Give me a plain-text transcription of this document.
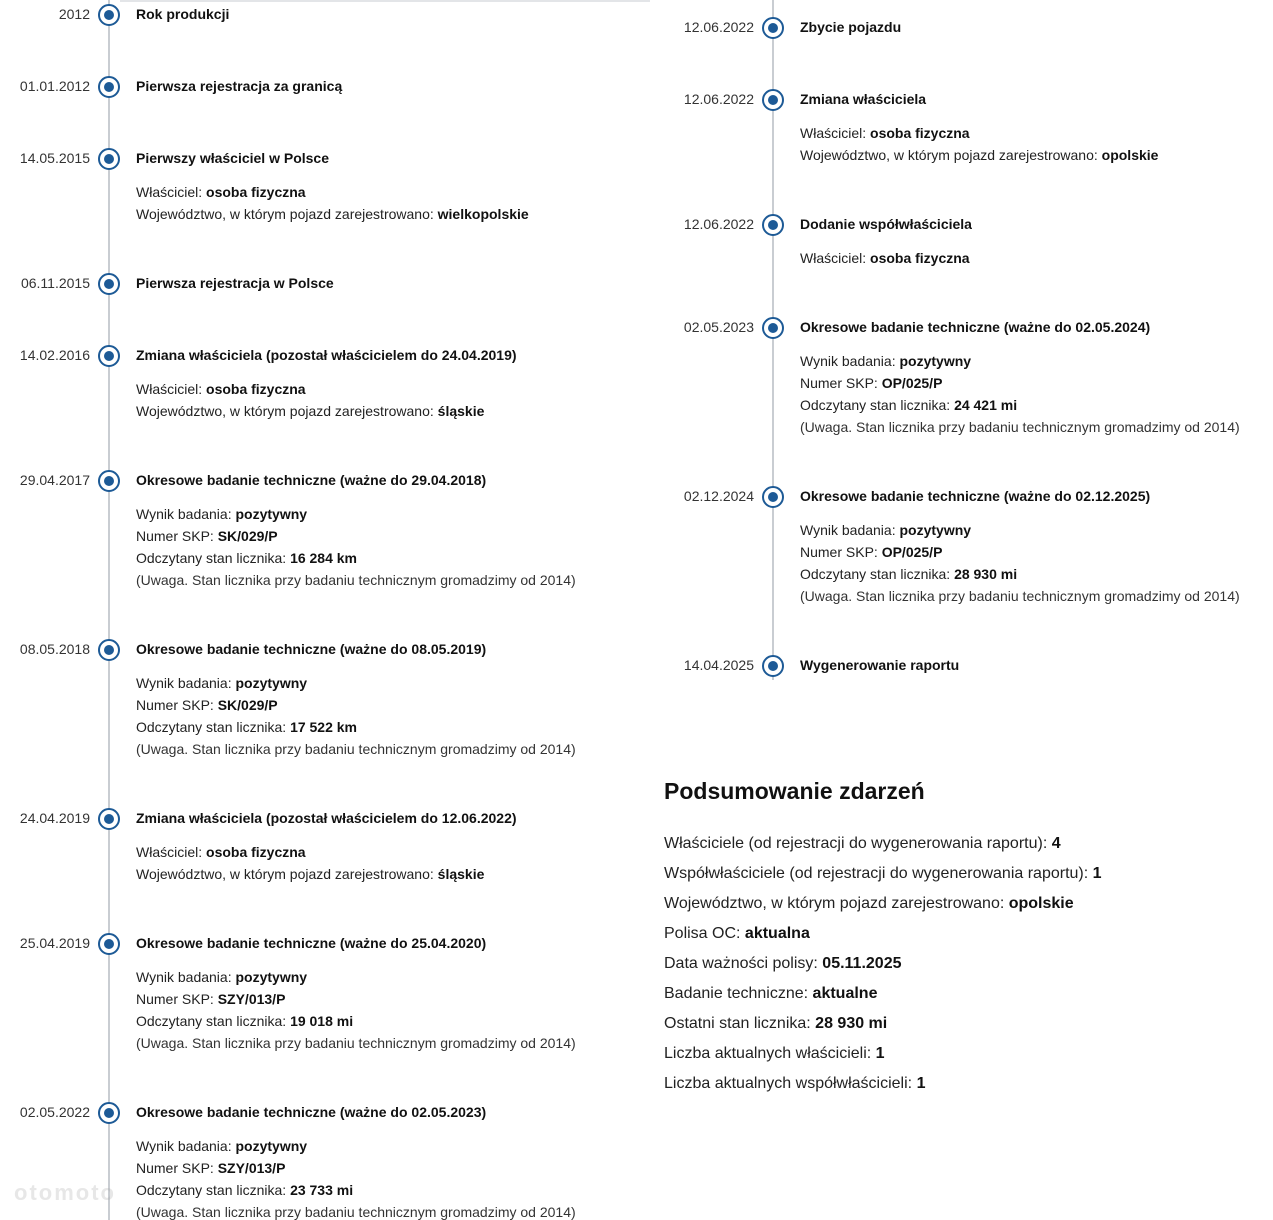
2012	Rok produkcji
01.01.2012	Pierwsza rejestracja za granicą
14.05.2015	Pierwszy właściciel w Polsce
Właściciel: osoba fizyczna
Województwo, w którym pojazd zarejestrowano: wielkopolskie
06.11.2015	Pierwsza rejestracja w Polsce
14.02.2016	Zmiana właściciela (pozostał właścicielem do 24.04.2019)
Właściciel: osoba fizyczna
Województwo, w którym pojazd zarejestrowano: śląskie
29.04.2017	Okresowe badanie techniczne (ważne do 29.04.2018)
Wynik badania: pozytywny
Numer SKP: SK/029/P
Odczytany stan licznika: 16 284 km
(Uwaga. Stan licznika przy badaniu technicznym gromadzimy od 2014)
08.05.2018	Okresowe badanie techniczne (ważne do 08.05.2019)
Wynik badania: pozytywny
Numer SKP: SK/029/P
Odczytany stan licznika: 17 522 km
(Uwaga. Stan licznika przy badaniu technicznym gromadzimy od 2014)
24.04.2019	Zmiana właściciela (pozostał właścicielem do 12.06.2022)
Właściciel: osoba fizyczna
Województwo, w którym pojazd zarejestrowano: śląskie
25.04.2019	Okresowe badanie techniczne (ważne do 25.04.2020)
Wynik badania: pozytywny
Numer SKP: SZY/013/P
Odczytany stan licznika: 19 018 mi
(Uwaga. Stan licznika przy badaniu technicznym gromadzimy od 2014)
02.05.2022	Okresowe badanie techniczne (ważne do 02.05.2023)
Wynik badania: pozytywny
Numer SKP: SZY/013/P
Odczytany stan licznika: 23 733 mi
(Uwaga. Stan licznika przy badaniu technicznym gromadzimy od 2014)
12.06.2022	Zbycie pojazdu
12.06.2022	Zmiana właściciela
Właściciel: osoba fizyczna
Województwo, w którym pojazd zarejestrowano: opolskie
12.06.2022	Dodanie współwłaściciela
Właściciel: osoba fizyczna
02.05.2023	Okresowe badanie techniczne (ważne do 02.05.2024)
Wynik badania: pozytywny
Numer SKP: OP/025/P
Odczytany stan licznika: 24 421 mi
(Uwaga. Stan licznika przy badaniu technicznym gromadzimy od 2014)
02.12.2024	Okresowe badanie techniczne (ważne do 02.12.2025)
Wynik badania: pozytywny
Numer SKP: OP/025/P
Odczytany stan licznika: 28 930 mi
(Uwaga. Stan licznika przy badaniu technicznym gromadzimy od 2014)
14.04.2025	Wygenerowanie raportu
Podsumowanie zdarzeń
Właściciele (od rejestracji do wygenerowania raportu): 4
Współwłaściciele (od rejestracji do wygenerowania raportu): 1
Województwo, w którym pojazd zarejestrowano: opolskie
Polisa OC: aktualna
Data ważności polisy: 05.11.2025
Badanie techniczne: aktualne
Ostatni stan licznika: 28 930 mi
Liczba aktualnych właścicieli: 1
Liczba aktualnych współwłaścicieli: 1
otomoto
